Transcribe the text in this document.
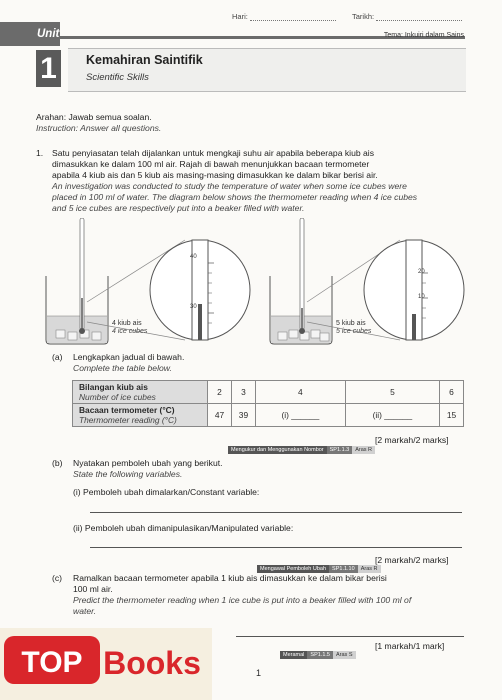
Hari:	Tarikh:
Unit	Tema: Inkuiri dalam Sains
1	Kemahiran Saintifik
Scientific Skills
Arahan: Jawab semua soalan.
Instruction: Answer all questions.
1. Satu penyiasatan telah dijalankan untuk mengkaji suhu air apabila beberapa kiub ais
dimasukkan ke dalam 100 ml air. Rajah di bawah menunjukkan bacaan termometer
apabila 4 kiub ais dan 5 kiub ais masing-masing dimasukkan ke dalam bikar berisi air.
An investigation was conducted to study the temperature of water when some ice cubes were
placed in 100 ml of water. The diagram below shows the thermometer reading when 4 ice cubes
and 5 ice cubes are respectively put into a beaker filled with water.
40
30
20
10
4 kiub ais
4 ice cubes
5 kiub ais
5 ice cubes
(a) Lengkapkan jadual di bawah.
Complete the table below.
Bilangan kiub ais
Number of ice cubes	2	3	4	5	6

Bacaan termometer (°C)
Thermometer reading (°C)	47	39	(i) ______	(ii) ______	15
Mengukur dan Menggunakan Nombor SP1.1.3 Aras R
[2 markah/2 marks]
(b) Nyatakan pemboleh ubah yang berikut.
State the following variables.
(i) Pemboleh ubah dimalarkan/Constant variable:
(ii) Pemboleh ubah dimanipulasikan/Manipulated variable:
Mengawal Pemboleh Ubah SP1.1.10 Aras R
[2 markah/2 marks]
(c) Ramalkan bacaan termometer apabila 1 kiub ais dimasukkan ke dalam bikar berisi
100 ml air.
Predict the thermometer reading when 1 ice cube is put into a beaker filled with 100 ml of
water.
Meramal SP1.1.5 Aras S
[1 markah/1 mark]
1
TOP Books
